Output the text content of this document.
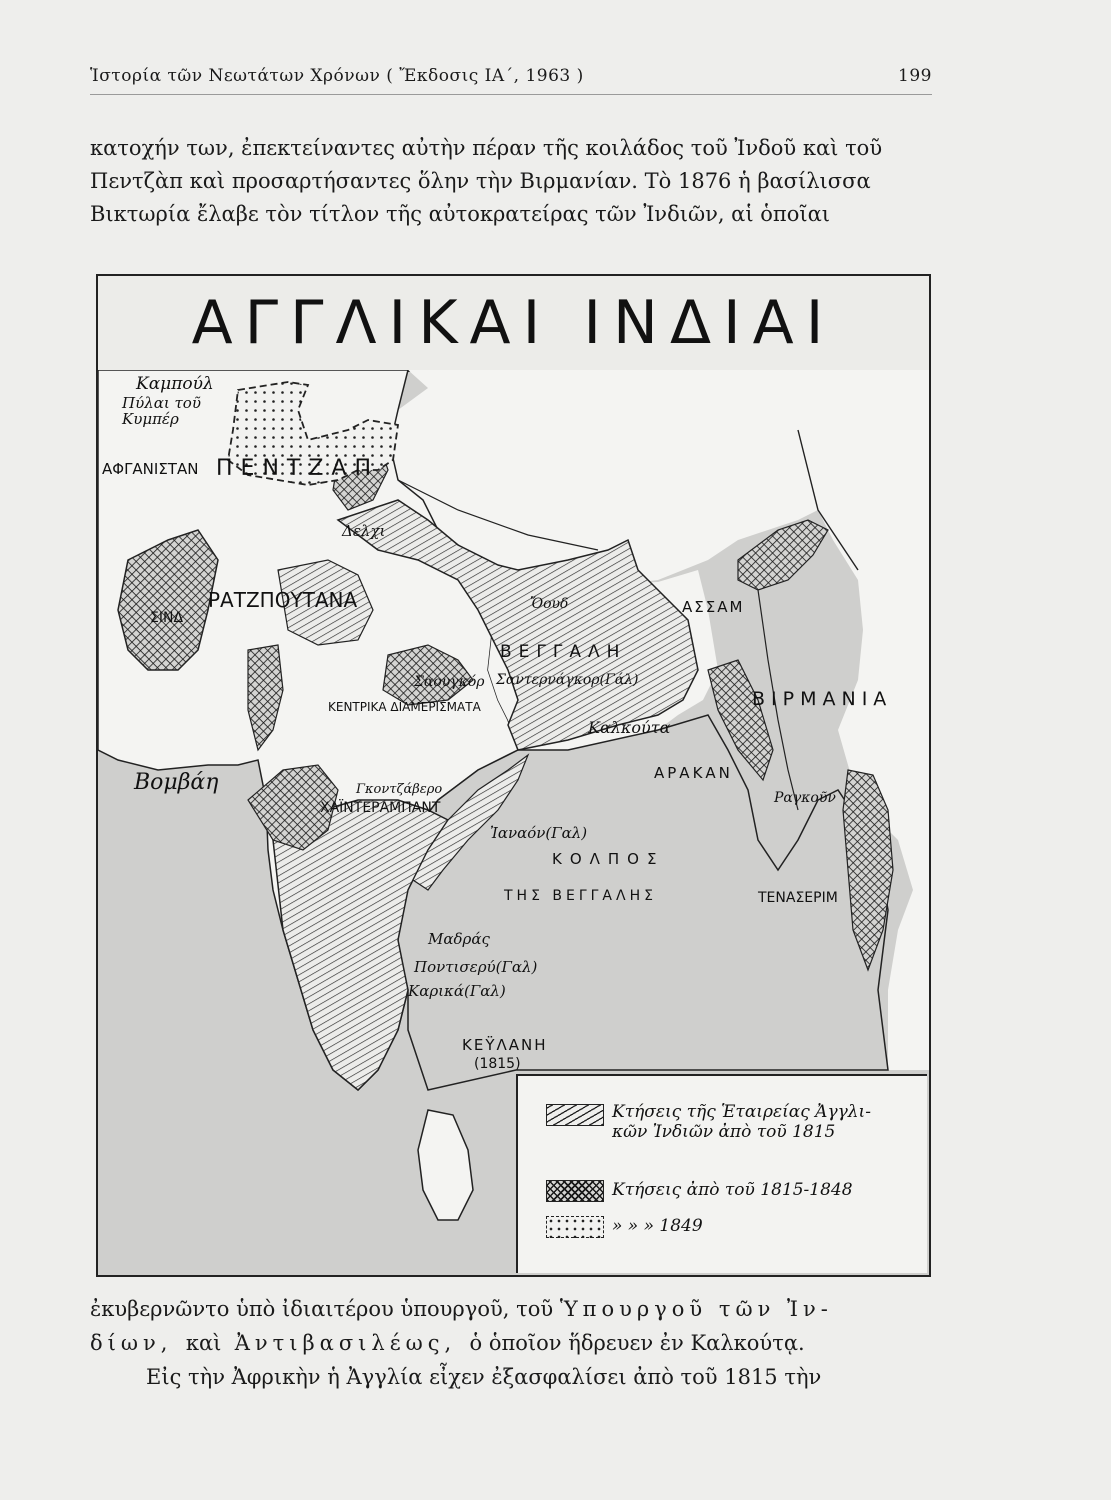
Ἱστορία τῶν Νεωτάτων Χρόνων ( Ἔκδοσις ΙΑ΄, 1963 )	199
κατοχήν των, ἐπεκτείναντες αὐτὴν πέραν τῆς κοιλάδος τοῦ Ἰνδοῦ καὶ τοῦ
Πεντζὰπ καὶ προσαρτήσαντες ὅλην τὴν Βιρμανίαν. Τὸ 1876 ἡ βασίλισσα
Βικτωρία ἔλαβε τὸν τίτλον τῆς αὐτοκρατείρας τῶν Ἰνδιῶν, αἱ ὁποῖαι
ΑΓΓΛΙΚΑΙ ΙΝΔΙΑΙ
Καμπούλ
Πύλαι τοῦ
Κυμπέρ
ΑΦΓΑΝΙΣΤΑΝ ΠΕΝΤΖΑΠ
Δελχι
ΡΑΤΖΠΟΥΤΑΝΑ
ΣΙΝΔ
ΑΣΣΑΜ
Ὄουδ
ΒΕΓΓΑΛΗ
Σαντερνάγκορ(Γάλ)
Σαουγκόρ
ΚΕΝΤΡΙΚΑ ΔΙΑΜΕΡΙΣΜΑΤΑ	ΒΙΡΜΑΝΙΑ
Καλκούτα
ΑΡΑΚΑΝ
Βομβάη	Γκοντζάβερο
ΧΑΪΝΤΕΡΑΜΠΑΝΤ
Ραγκοῦν
Ἰαναόν(Γαλ)
ΚΟΛΠΟΣ
ΤΗΣ ΒΕΓΓΑΛΗΣ	ΤΕΝΑΣΕΡΙΜ
Μαδράς
Ποντισερύ(Γαλ)
Καρικά(Γαλ)
ΚΕΫΛΑΝΗ
(1815)
Κτήσεις τῆς Ἑταιρείας Ἀγγλι-
κῶν Ἰνδιῶν ἀπὸ τοῦ 1815
Κτήσεις ἀπὸ τοῦ 1815-1848
» » » 1849
ἐκυβερνῶντο ὑπὸ ἰδιαιτέρου ὑπουργοῦ, τοῦ Ὑπουργοῦ τῶν Ἰν-
δίων, καὶ Ἀντιβασιλέως, ὁ ὁποῖον ἥδρευεν ἐν Καλκούτᾳ.
Εἰς τὴν Ἀφρικὴν ἡ Ἀγγλία εἶχεν ἐξασφαλίσει ἀπὸ τοῦ 1815 τὴν
